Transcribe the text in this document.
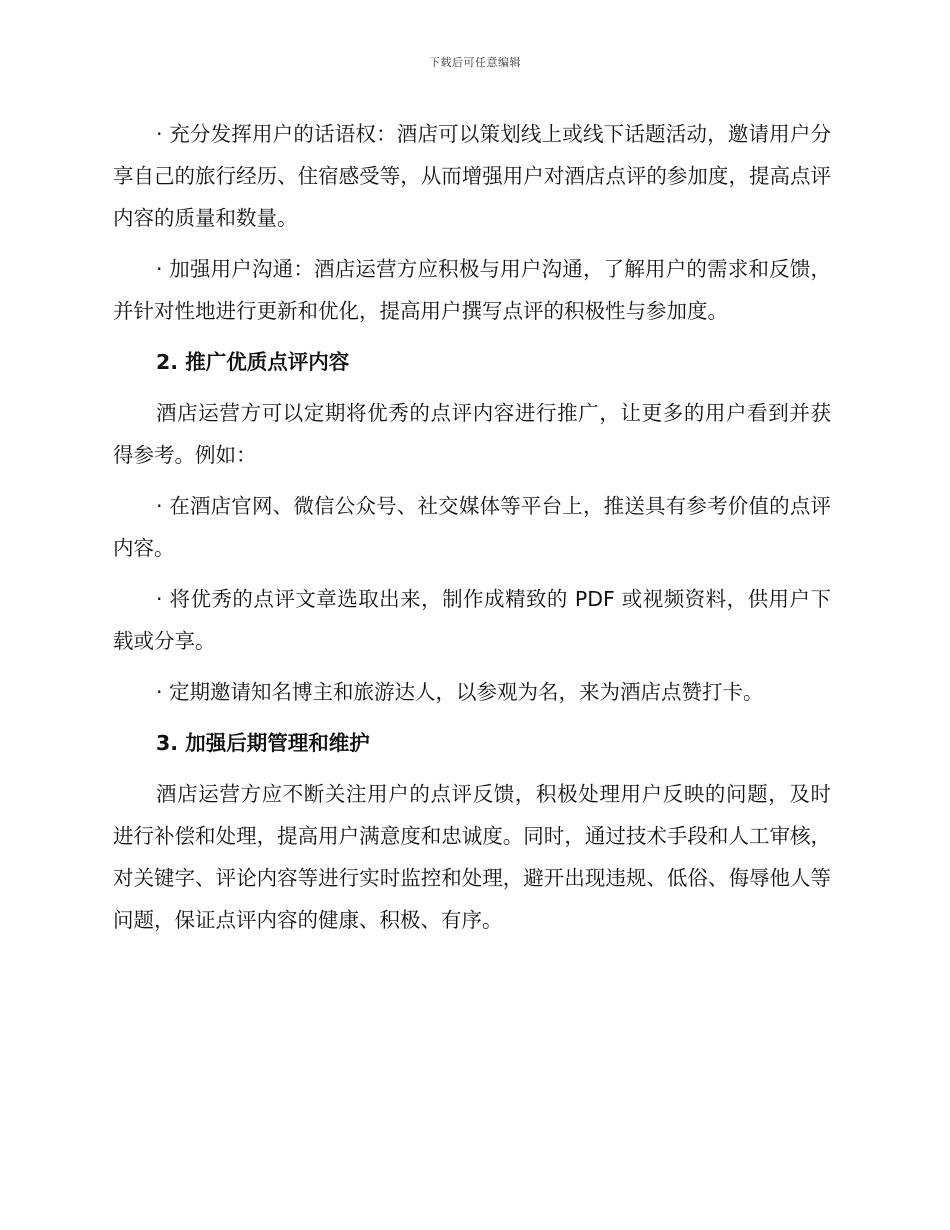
下载后可任意编辑

· 充分发挥用户的话语权：酒店可以策划线上或线下话题活动，邀请用户分享自己的旅行经历、住宿感受等，从而增强用户对酒店点评的参加度，提高点评内容的质量和数量。

· 加强用户沟通：酒店运营方应积极与用户沟通，了解用户的需求和反馈，并针对性地进行更新和优化，提高用户撰写点评的积极性与参加度。

2. 推广优质点评内容

酒店运营方可以定期将优秀的点评内容进行推广，让更多的用户看到并获得参考。例如：

· 在酒店官网、微信公众号、社交媒体等平台上，推送具有参考价值的点评内容。

· 将优秀的点评文章选取出来，制作成精致的 PDF 或视频资料，供用户下载或分享。

· 定期邀请知名博主和旅游达人，以参观为名，来为酒店点赞打卡。

3. 加强后期管理和维护

酒店运营方应不断关注用户的点评反馈，积极处理用户反映的问题，及时进行补偿和处理，提高用户满意度和忠诚度。同时，通过技术手段和人工审核，对关键字、评论内容等进行实时监控和处理，避开出现违规、低俗、侮辱他人等问题，保证点评内容的健康、积极、有序。
